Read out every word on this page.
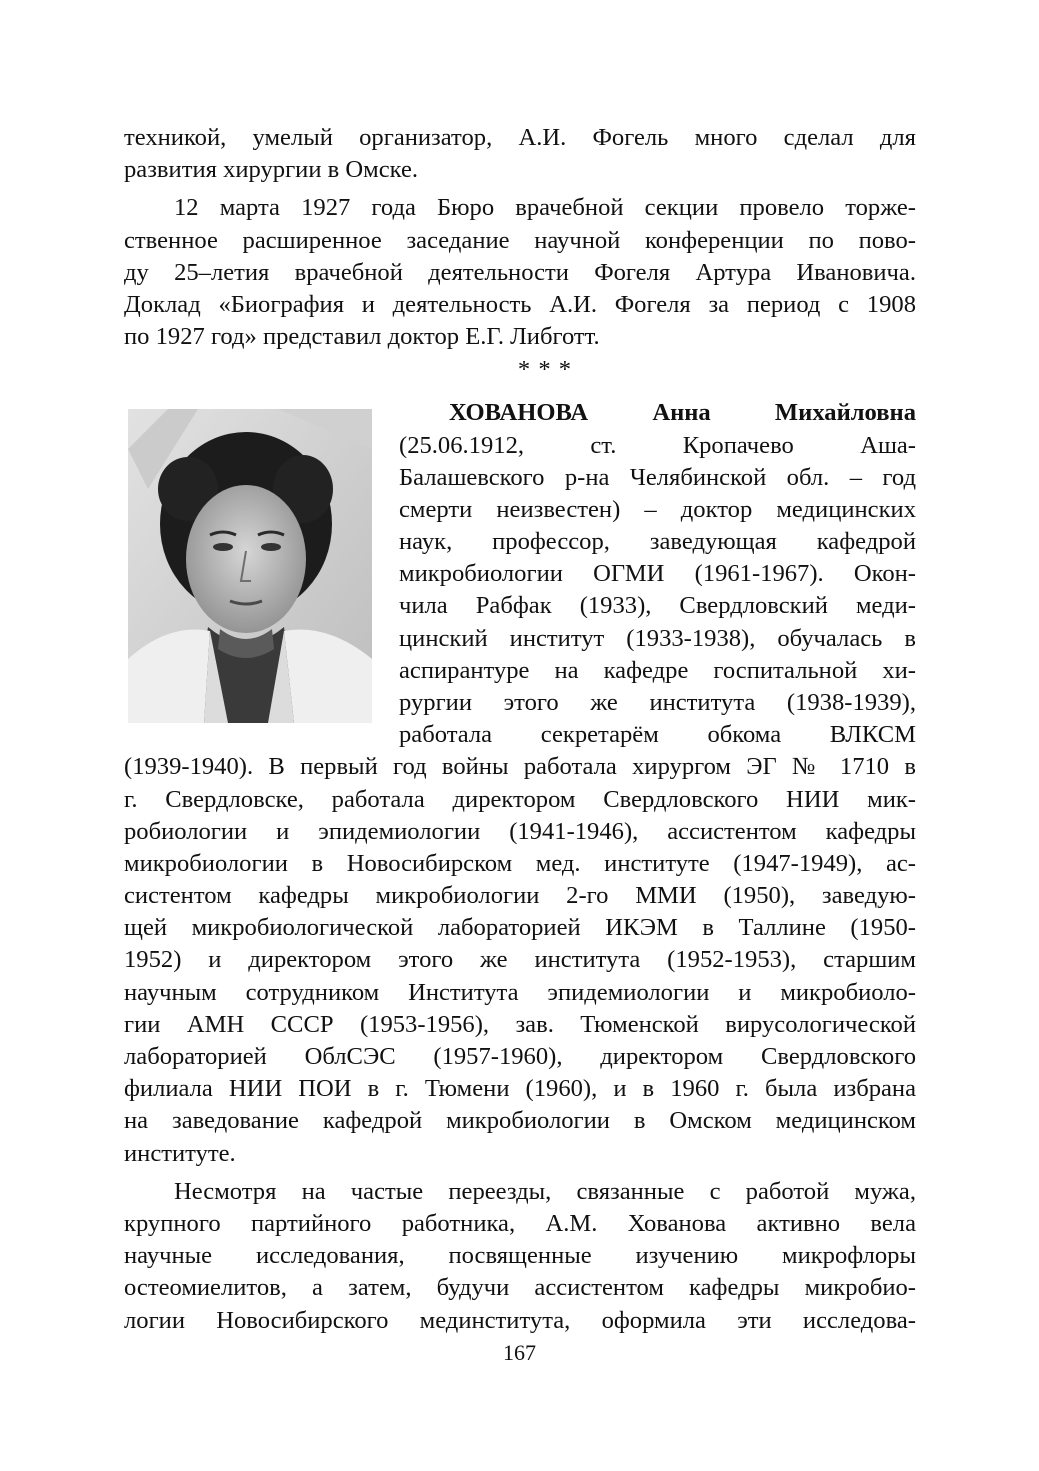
техникой, умелый организатор, А.И. Фогель много сделал для
развития хирургии в Омске.
12 марта 1927 года Бюро врачебной секции провело торже-
ственное расширенное заседание научной конференции по пово-
ду 25–летия врачебной деятельности Фогеля Артура Ивановича.
Доклад «Биография и деятельность А.И. Фогеля за период с 1908
по 1927 год» представил доктор Е.Г. Либготт.
* * *
ХОВАНОВА Анна Михайловна
(25.06.1912, ст. Кропачево Аша-
Балашевского р-на Челябинской обл. – год
смерти неизвестен) – доктор медицинских
наук, профессор, заведующая кафедрой
микробиологии ОГМИ (1961-1967). Окон-
чила Рабфак (1933), Свердловский меди-
цинский институт (1933-1938), обучалась в
аспирантуре на кафедре госпитальной хи-
рургии этого же института (1938-1939),
работала секретарём обкома ВЛКСМ
(1939-1940). В первый год войны работала хирургом ЭГ № 1710 в
г. Свердловске, работала директором Свердловского НИИ мик-
робиологии и эпидемиологии (1941-1946), ассистентом кафедры
микробиологии в Новосибирском мед. институте (1947-1949), ас-
систентом кафедры микробиологии 2-го ММИ (1950), заведую-
щей микробиологической лабораторией ИКЭМ в Таллине (1950-
1952) и директором этого же института (1952-1953), старшим
научным сотрудником Института эпидемиологии и микробиоло-
гии АМН СССР (1953-1956), зав. Тюменской вирусологической
лабораторией ОблСЭС (1957-1960), директором Свердловского
филиала НИИ ПОИ в г. Тюмени (1960), и в 1960 г. была избрана
на заведование кафедрой микробиологии в Омском медицинском
институте.
Несмотря на частые переезды, связанные с работой мужа,
крупного партийного работника, А.М. Хованова активно вела
научные исследования, посвященные изучению микрофлоры
остеомиелитов, а затем, будучи ассистентом кафедры микробио-
логии Новосибирского мединститута, оформила эти исследова-
167
